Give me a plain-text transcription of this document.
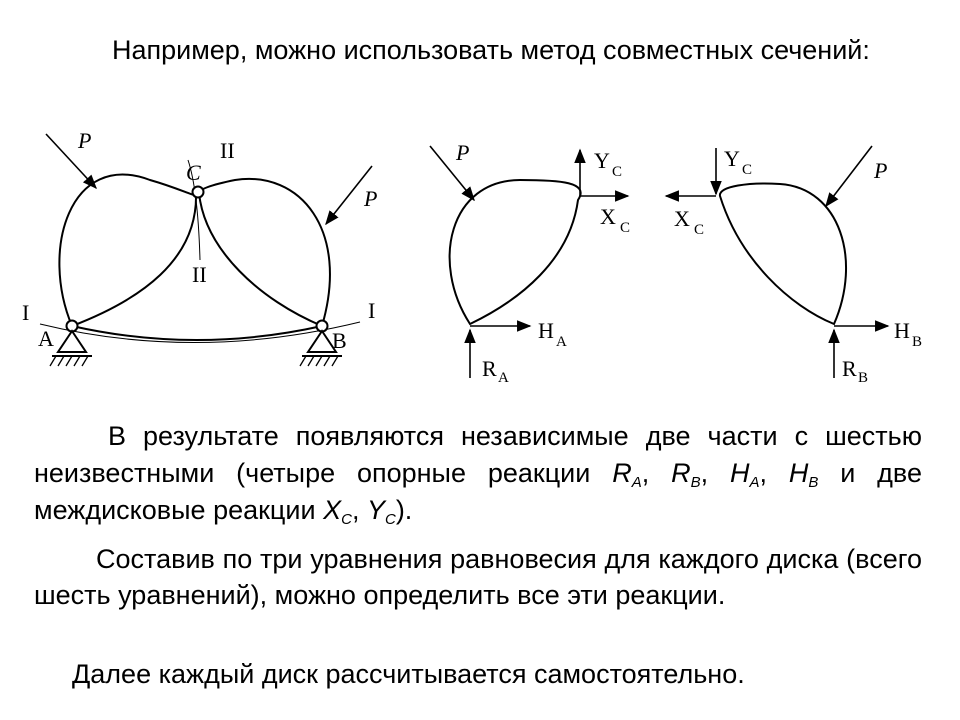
Например, можно использовать метод совместных сечений:

В результате появляются независимые две части с шестью неизвестными (четыре опорные реакции $R_A$, $R_B$, $H_A$, $H_B$ и две междисковые реакции $X_C$, $Y_C$).

Составив по три уравнения равновесия для каждого диска (всего шесть уравнений), можно определить все эти реакции.

Далее каждый диск рассчитывается самостоятельно.

P
P
C
II
II
I	I
A	B
P	Y C
X C
H A
R A
P
Y C
X C
H B
R B
